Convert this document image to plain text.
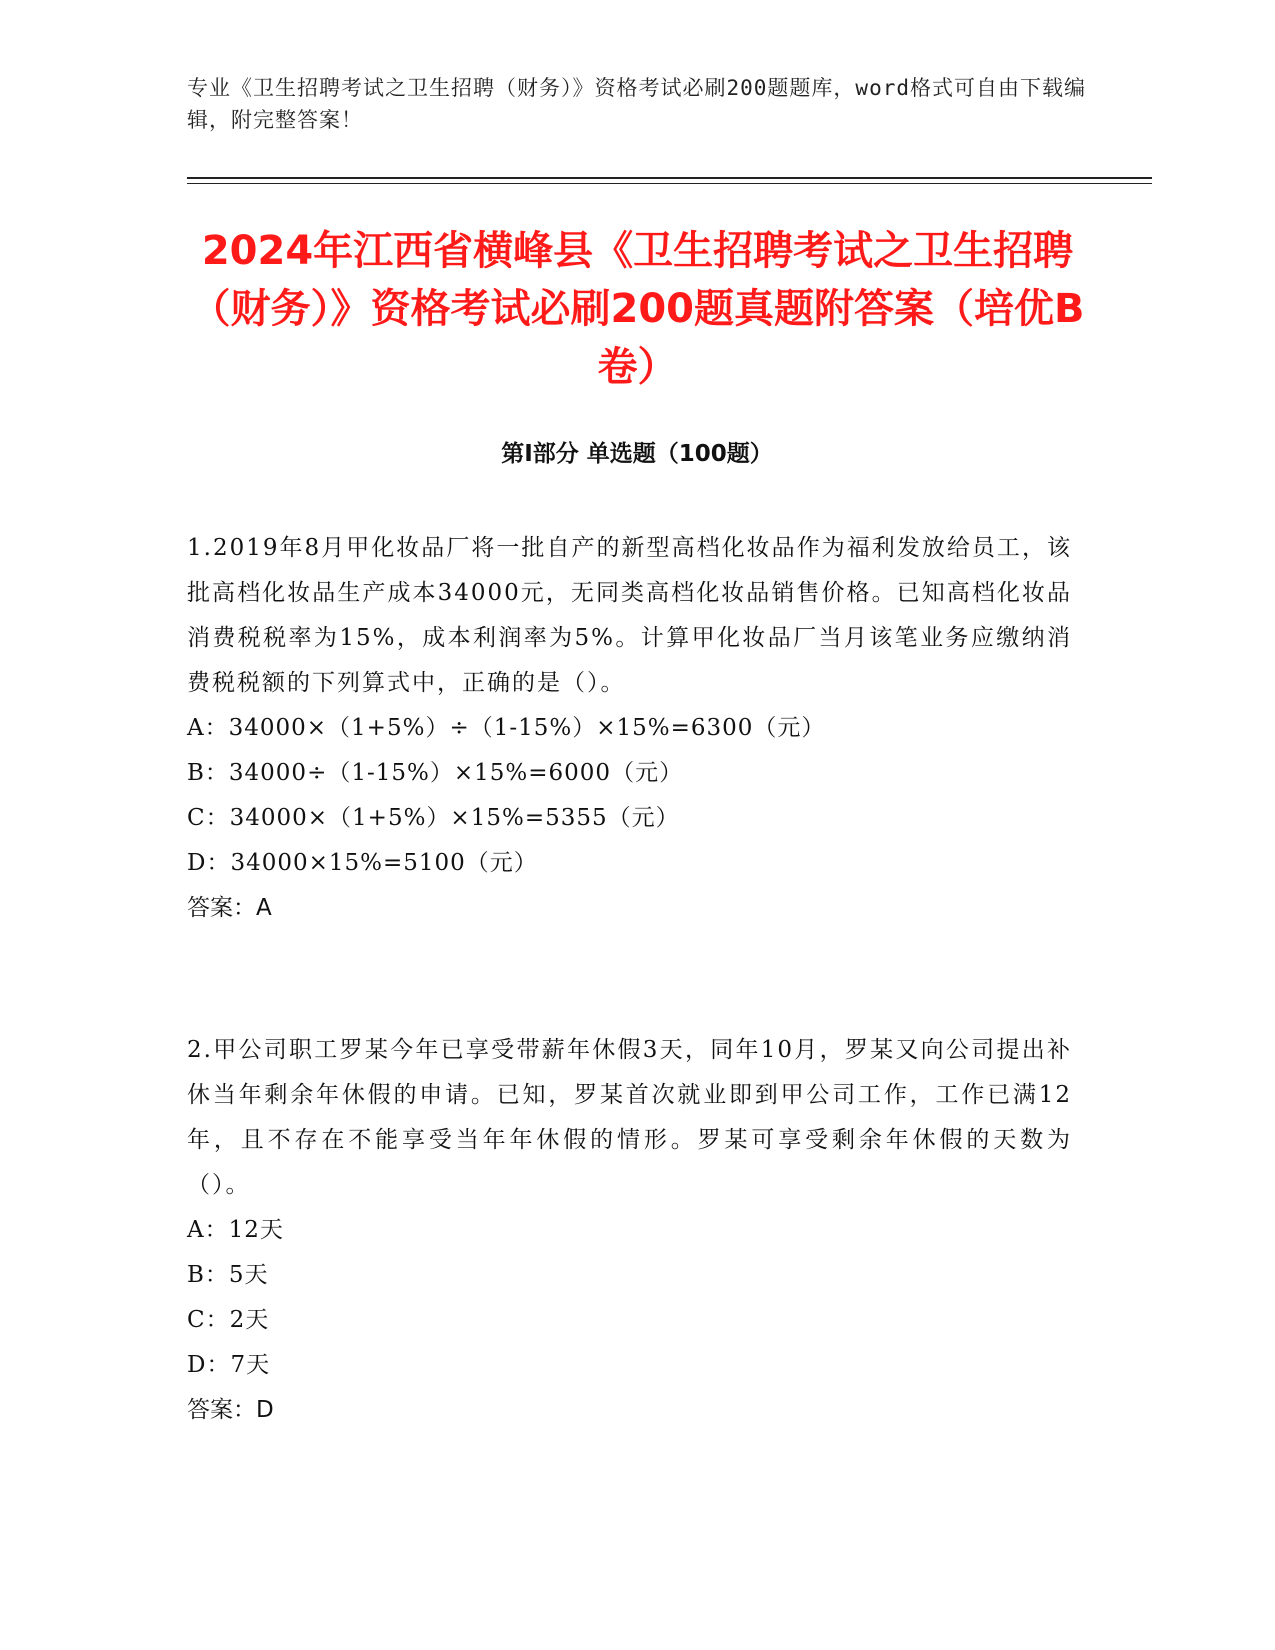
专业《卫生招聘考试之卫生招聘（财务）》资格考试必刷200题题库，word格式可自由下载编辑，附完整答案！
2024年江西省横峰县《卫生招聘考试之卫生招聘（财务）》资格考试必刷200题真题附答案（培优B卷）
第I部分 单选题（100题）

1.2019年8月甲化妆品厂将一批自产的新型高档化妆品作为福利发放给员工，该批高档化妆品生产成本34000元，无同类高档化妆品销售价格。已知高档化妆品消费税税率为15%，成本利润率为5%。计算甲化妆品厂当月该笔业务应缴纳消费税税额的下列算式中，正确的是（）。

A：34000×（1+5%）÷（1-15%）×15%=6300（元）

B：34000÷（1-15%）×15%=6000（元）

C：34000×（1+5%）×15%=5355（元）

D：34000×15%=5100（元）

答案：A

2.甲公司职工罗某今年已享受带薪年休假3天，同年10月，罗某又向公司提出补休当年剩余年休假的申请。已知，罗某首次就业即到甲公司工作，工作已满12年，且不存在不能享受当年年休假的情形。罗某可享受剩余年休假的天数为（）。

A：12天

B：5天

C：2天

D：7天

答案：D
